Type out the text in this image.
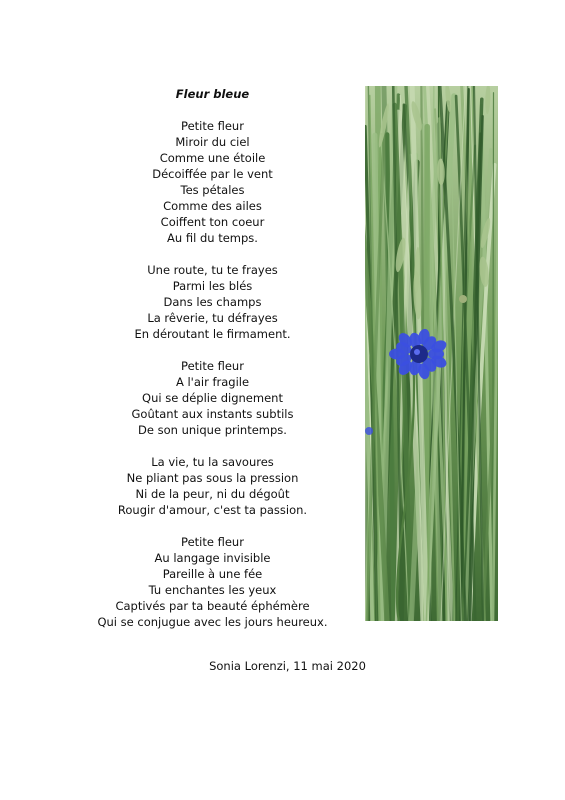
Fleur bleue
Petite fleur
Miroir du ciel
Comme une étoile
Décoiffée par le vent
Tes pétales
Comme des ailes
Coiffent ton coeur
Au fil du temps.
Une route, tu te frayes
Parmi les blés
Dans les champs
La rêverie, tu défrayes
En déroutant le firmament.
Petite fleur
A l'air fragile
Qui se déplie dignement
Goûtant aux instants subtils
De son unique printemps.
La vie, tu la savoures
Ne pliant pas sous la pression
Ni de la peur, ni du dégoût
Rougir d'amour, c'est ta passion.
Petite fleur
Au langage invisible
Pareille à une fée
Tu enchantes les yeux
Captivés par ta beauté éphémère
Qui se conjugue avec les jours heureux.
Sonia Lorenzi, 11 mai 2020
